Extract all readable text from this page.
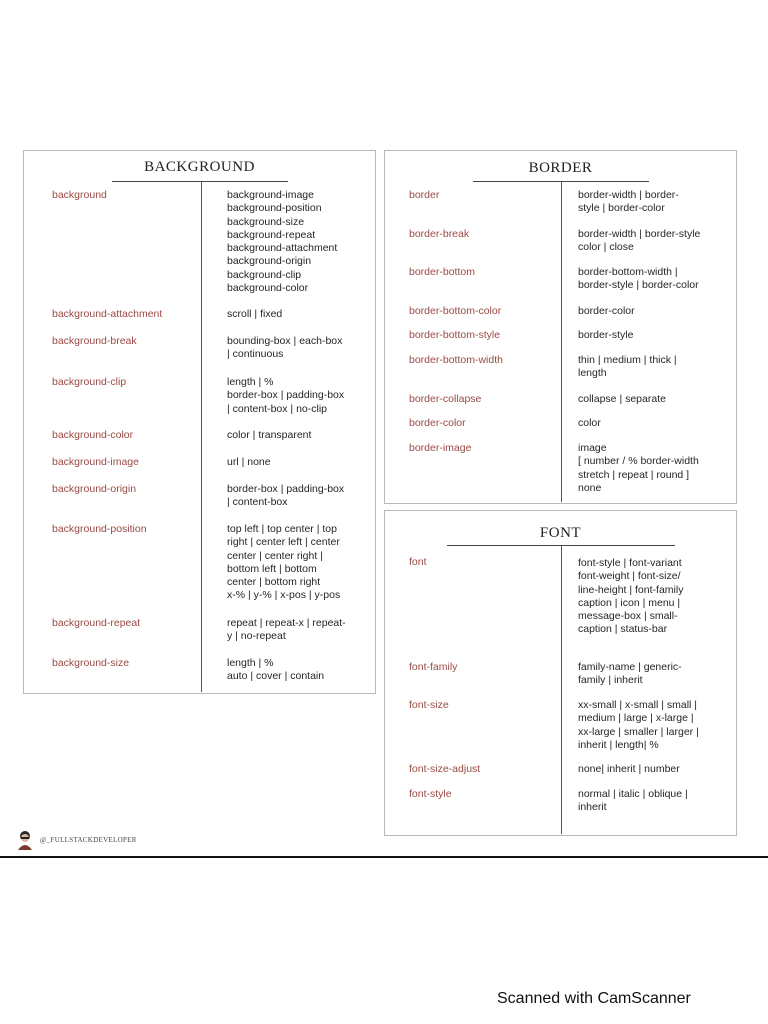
BACKGROUND
background	background-image
background-position
background-size
background-repeat
background-attachment
background-origin
background-clip
background-color
background-attachment	scroll | fixed
background-break	bounding-box | each-box
| continuous
background-clip	length | %
border-box | padding-box
| content-box | no-clip
background-color	color | transparent
background-image	url | none
background-origin	border-box | padding-box
| content-box
background-position	top left | top center | top
right | center left | center
center | center right |
bottom left | bottom
center | bottom right
x-% | y-% | x-pos | y-pos
background-repeat	repeat | repeat-x | repeat-
y | no-repeat
background-size	length | %
auto | cover | contain
BORDER
border	border-width | border-
style | border-color
border-break	border-width | border-style
color | close
border-bottom	border-bottom-width |
border-style | border-color
border-bottom-color	border-color
border-bottom-style	border-style
border-bottom-width	thin | medium | thick |
length
border-collapse	collapse | separate
border-color	color
border-image	image
[ number / % border-width
stretch | repeat | round ]
none
FONT
font	font-style | font-variant
font-weight | font-size/
line-height | font-family
caption | icon | menu |
message-box | small-
caption | status-bar
font-family	family-name | generic-
family | inherit
font-size	xx-small | x-small | small |
medium | large | x-large |
xx-large | smaller | larger |
inherit | length| %
font-size-adjust	none| inherit | number
font-style	normal | italic | oblique |
inherit
@_FULLSTACKDEVELOPER
Scanned with CamScanner
